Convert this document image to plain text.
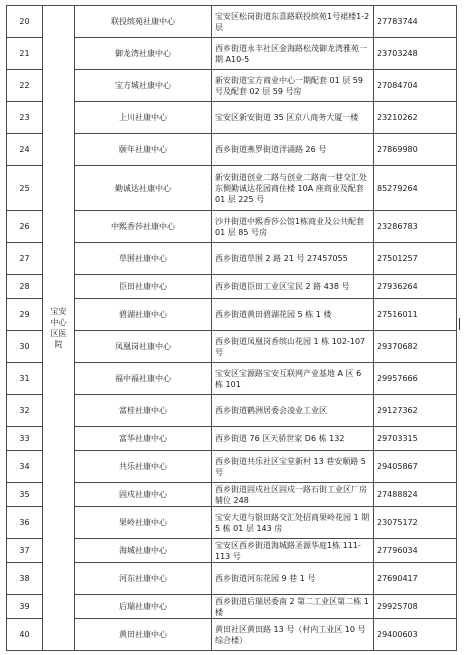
20	宝安中心区医院	联投缤苑社康中心	宝安区松岗街道东喜路联投缤苑1号裙楼1-2层	27783744
21		御龙湾社康中心	西乡街道永丰社区金海路松茂御龙湾雅苑一期 A10-5	23703248
22		宝方城社康中心	新安街道宝方商业中心一期配套 01 层 59 号及配套 02 层 59 号房	27084704
23		上川社康中心	宝安区新安街道 35 区京八商务大厦一楼	23210262
24		颐年社康中心	西乡街道燕罗街道洋涌路 26 号	27869980
25		勤诚达社康中心	新安街道创业二路与创业二路南一巷交汇处东侧勤诚达花园商住楼 10A 座商业及配套 01 层 225 号	85279264
26		中熙香莎社康中心	沙井街道中熙香莎公馆1栋商业及公共配套 01 层 85 号房	23286783
27		草围社康中心	西乡街道草围 2 路 21 号 27457055	27501257
28		臣田社康中心	西乡街道臣田工业区宝民 2 路 438 号	27936264
29		碧湖社康中心	西乡街道黄田碧湖花园 5 栋 1 楼	27516011
30		凤凰岗社康中心	西乡街道凤凰岗香缤山花园 1 栋 102-107 号	29370682
31		福中福社康中心	宝安区宝源路宝安互联网产业基地 A 区 6 栋 101	29957666
32		富桂社康中心	西乡街道鹤洲居委会凌业工业区	29127362
33		富华社康中心	西乡街道 76 区天骄世家 D6 栋 132	29703315
34		共乐社康中心	西乡街道共乐社区宝堂新村 13 巷安顺路 5 号	29405867
35		固戍社康中心	西乡街道固戍社区固戍一路石街工业区厂房辅位 248	27488824
36		果岭社康中心	宝安大道与银田路交汇处招商果岭花园 1 期 5 栋 01 层 143 房	23075172
37		海城社康中心	宝安区西乡街道海城路圣源华庭1栋 111-113 号	27796034
38		河东社康中心	西乡街道河东花园 9 巷 1 号	27690417
39		后瑞社康中心	西乡街道后瑞居委南 2 第二工业区第二栋 1 楼	29925708
40		黄田社康中心	黄田社区黄田路 13 号（村内工业区 10 号综合楼）	29400603
